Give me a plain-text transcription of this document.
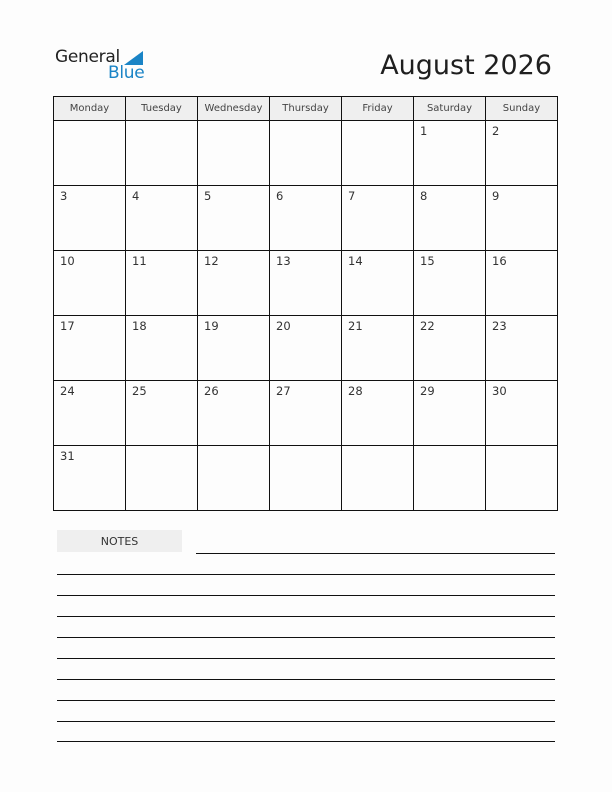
General
Blue	August 2026
Monday	Tuesday	Wednesday	Thursday	Friday	Saturday	Sunday

					1	2

3	4	5	6	7	8	9

10	11	12	13	14	15	16

17	18	19	20	21	22	23

24	25	26	27	28	29	30

31						

NOTES
